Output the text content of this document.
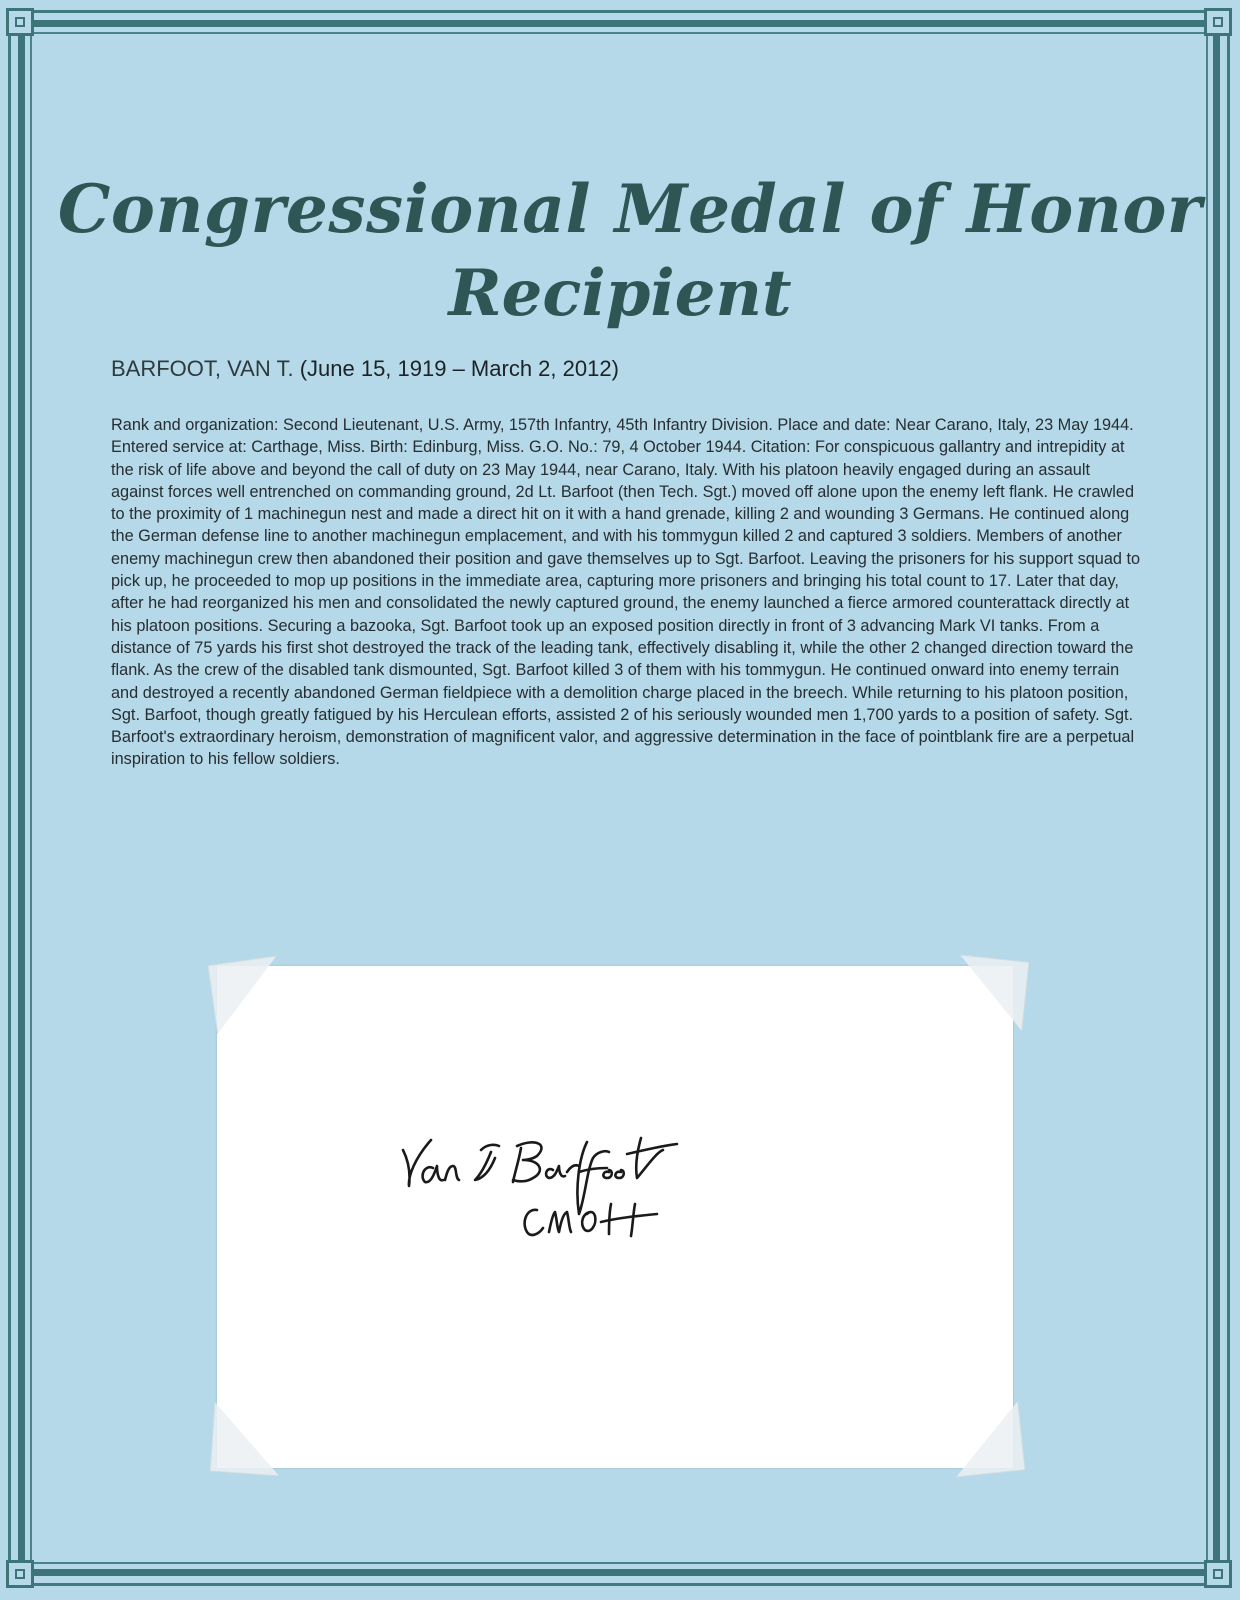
Congressional Medal of Honor
Recipient
BARFOOT, VAN T. (June 15, 1919 – March 2, 2012)

Rank and organization: Second Lieutenant, U.S. Army, 157th Infantry, 45th Infantry Division. Place and date: Near Carano, Italy, 23 May 1944. Entered service at: Carthage, Miss. Birth: Edinburg, Miss. G.O. No.: 79, 4 October 1944. Citation: For conspicuous gallantry and intrepidity at the risk of life above and beyond the call of duty on 23 May 1944, near Carano, Italy. With his platoon heavily engaged during an assault against forces well entrenched on commanding ground, 2d Lt. Barfoot (then Tech. Sgt.) moved off alone upon the enemy left flank. He crawled to the proximity of 1 machinegun nest and made a direct hit on it with a hand grenade, killing 2 and wounding 3 Germans. He continued along the German defense line to another machinegun emplacement, and with his tommygun killed 2 and captured 3 soldiers. Members of another enemy machinegun crew then abandoned their position and gave themselves up to Sgt. Barfoot. Leaving the prisoners for his support squad to pick up, he proceeded to mop up positions in the immediate area, capturing more prisoners and bringing his total count to 17. Later that day, after he had reorganized his men and consolidated the newly captured ground, the enemy launched a fierce armored counterattack directly at his platoon positions. Securing a bazooka, Sgt. Barfoot took up an exposed position directly in front of 3 advancing Mark VI tanks. From a distance of 75 yards his first shot destroyed the track of the leading tank, effectively disabling it, while the other 2 changed direction toward the flank. As the crew of the disabled tank dismounted, Sgt. Barfoot killed 3 of them with his tommygun. He continued onward into enemy terrain and destroyed a recently abandoned German fieldpiece with a demolition charge placed in the breech. While returning to his platoon position, Sgt. Barfoot, though greatly fatigued by his Herculean efforts, assisted 2 of his seriously wounded men 1,700 yards to a position of safety. Sgt. Barfoot's extraordinary heroism, demonstration of magnificent valor, and aggressive determination in the face of pointblank fire are a perpetual inspiration to his fellow soldiers.
